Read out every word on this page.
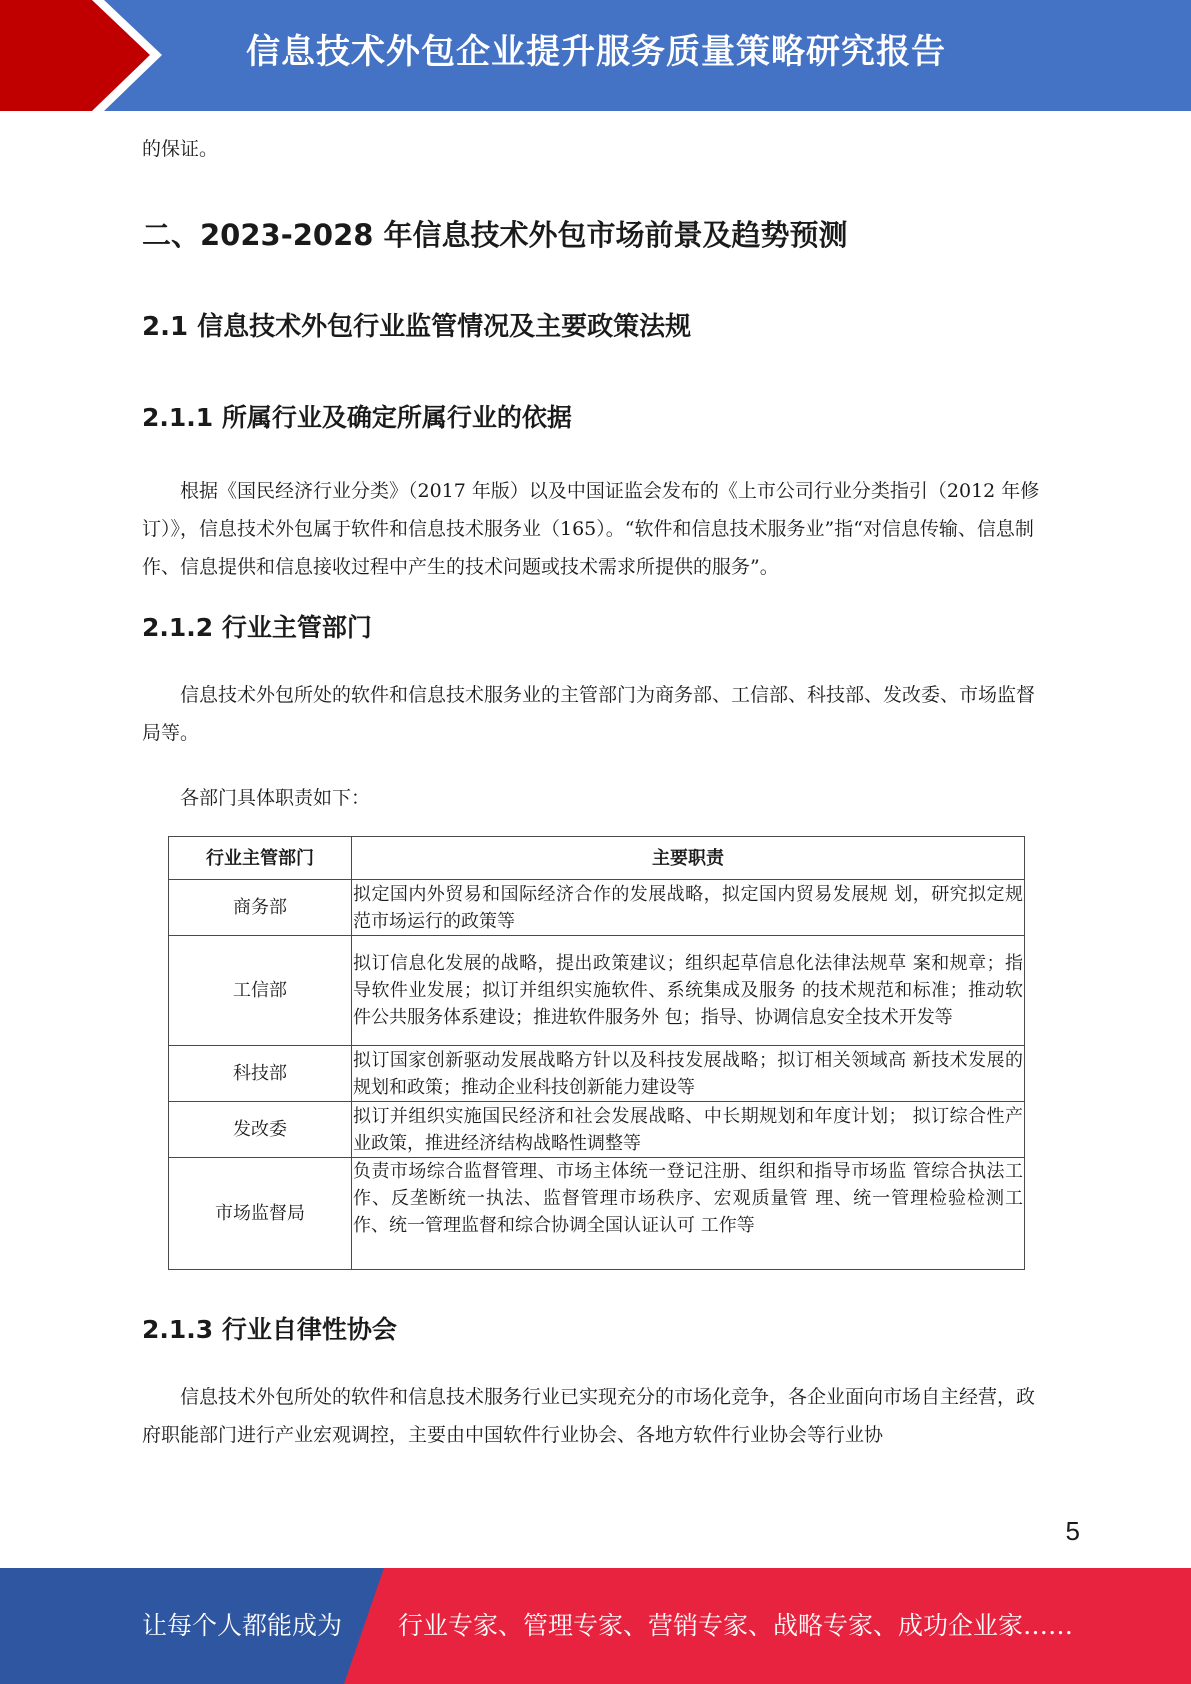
信息技术外包企业提升服务质量策略研究报告

的保证。

二、2023-2028 年信息技术外包市场前景及趋势预测
2.1 信息技术外包行业监管情况及主要政策法规
2.1.1 所属行业及确定所属行业的依据

根据《国民经济行业分类》（2017 年版）以及中国证监会发布的《上市公司行业分类指引（2012 年修订）》，信息技术外包属于软件和信息技术服务业（165）。“软件和信息技术服务业”指“对信息传输、信息制作、信息提供和信息接收过程中产生的技术问题或技术需求所提供的服务”。

2.1.2 行业主管部门

信息技术外包所处的软件和信息技术服务业的主管部门为商务部、工信部、科技部、发改委、市场监督局等。

各部门具体职责如下：

行业主管部门	主要职责
商务部	拟定国内外贸易和国际经济合作的发展战略，拟定国内贸易发展规 划，研究拟定规范市场运行的政策等
工信部	拟订信息化发展的战略，提出政策建议；组织起草信息化法律法规草 案和规章；指导软件业发展；拟订并组织实施软件、系统集成及服务 的技术规范和标准；推动软件公共服务体系建设；推进软件服务外 包；指导、协调信息安全技术开发等
科技部	拟订国家创新驱动发展战略方针以及科技发展战略；拟订相关领域高 新技术发展的规划和政策；推动企业科技创新能力建设等
发改委	拟订并组织实施国民经济和社会发展战略、中长期规划和年度计划； 拟订综合性产业政策，推进经济结构战略性调整等
市场监督局	负责市场综合监督管理、市场主体统一登记注册、组织和指导市场监 管综合执法工作、反垄断统一执法、监督管理市场秩序、宏观质量管 理、统一管理检验检测工作、统一管理监督和综合协调全国认证认可 工作等
2.1.3 行业自律性协会

信息技术外包所处的软件和信息技术服务行业已实现充分的市场化竞争，各企业面向市场自主经营，政府职能部门进行产业宏观调控，主要由中国软件行业协会、各地方软件行业协会等行业协

5
让每个人都能成为 行业专家、管理专家、营销专家、战略专家、成功企业家……
